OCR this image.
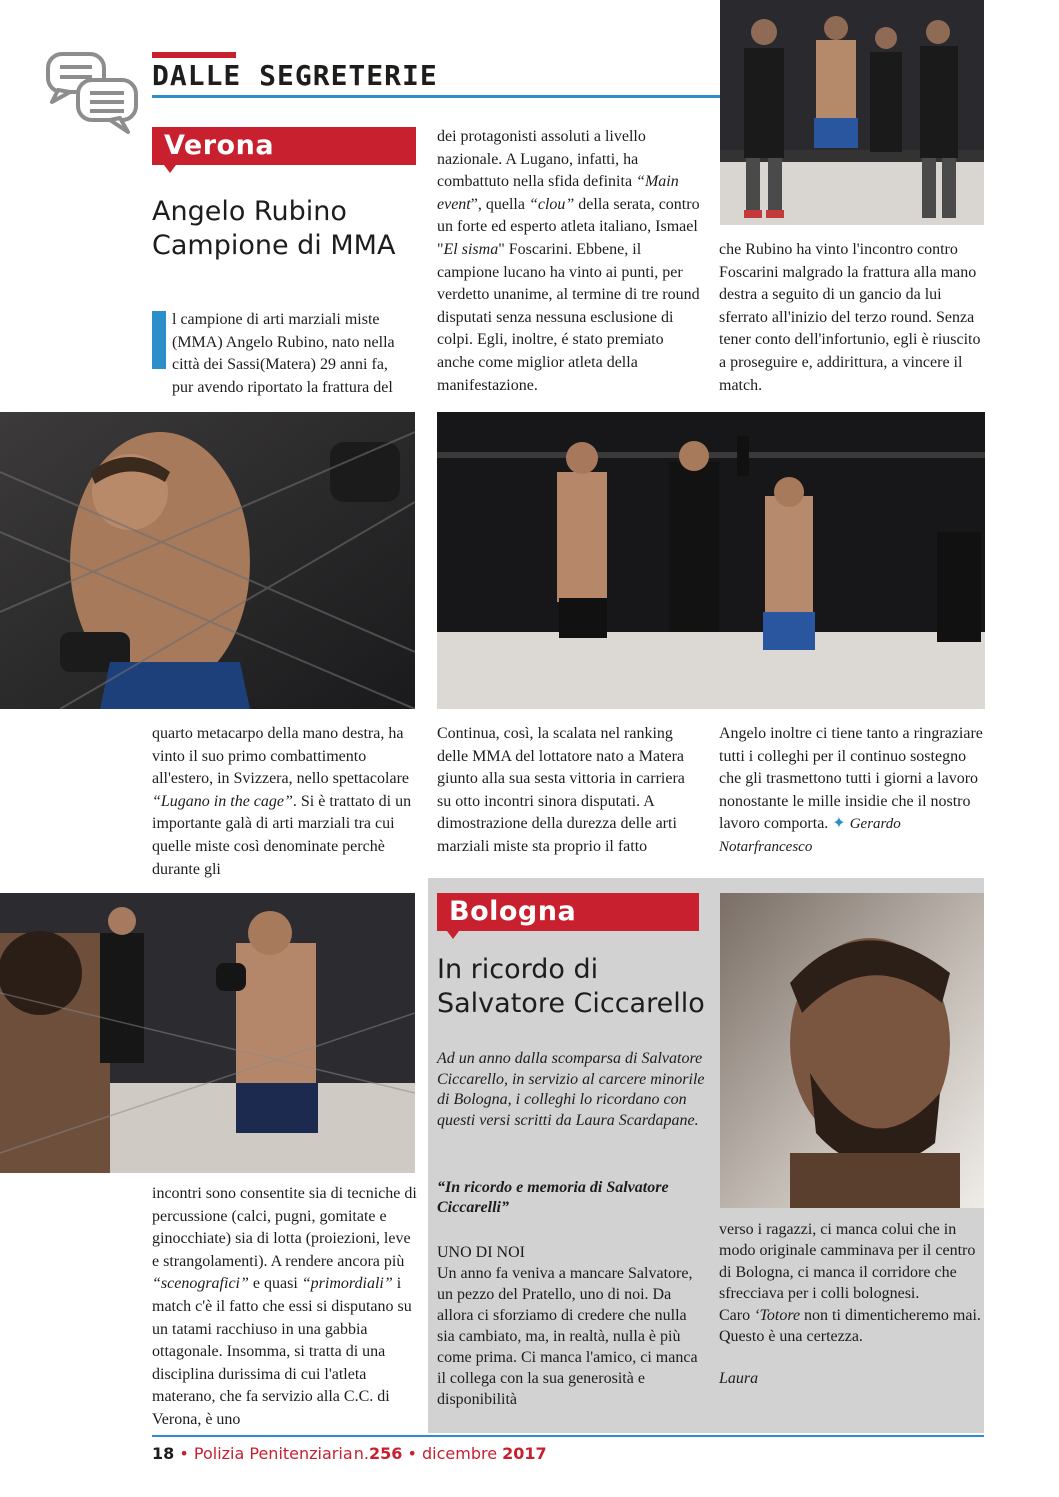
DALLE SEGRETERIE
Verona
Angelo Rubino
Campione di MMA
l campione di arti marziali miste (MMA) Angelo Rubino, nato nella città dei Sassi(Matera) 29 anni fa, pur avendo riportato la frattura del
dei protagonisti assoluti a livello nazionale. A Lugano, infatti, ha combattuto nella sfida definita “Main event”, quella “clou” della serata, contro un forte ed esperto atleta italiano, Ismael "El sisma" Foscarini. Ebbene, il campione lucano ha vinto ai punti, per verdetto unanime, al termine di tre round disputati senza nessuna esclusione di colpi. Egli, inoltre, é stato premiato anche come miglior atleta della manifestazione.
che Rubino ha vinto l'incontro contro Foscarini malgrado la frattura alla mano destra a seguito di un gancio da lui sferrato all'inizio del terzo round. Senza tener conto dell'infortunio, egli è riuscito a proseguire e, addirittura, a vincere il match.
quarto metacarpo della mano destra, ha vinto il suo primo combattimento all'estero, in Svizzera, nello spettacolare “Lugano in the cage”. Si è trattato di un importante galà di arti marziali tra cui quelle miste così denominate perchè durante gli
Continua, così, la scalata nel ranking delle MMA del lottatore nato a Matera giunto alla sua sesta vittoria in carriera su otto incontri sinora disputati. A dimostrazione della durezza delle arti marziali miste sta proprio il fatto
Angelo inoltre ci tiene tanto a ringraziare tutti i colleghi per il continuo sostegno che gli trasmettono tutti i giorni a lavoro nonostante le mille insidie che il nostro lavoro comporta. ✦ Gerardo Notarfrancesco
incontri sono consentite sia di tecniche di percussione (calci, pugni, gomitate e ginocchiate) sia di lotta (proiezioni, leve e strangolamenti). A rendere ancora più “scenografici” e quasi “primordiali” i match c'è il fatto che essi si disputano su un tatami racchiuso in una gabbia ottagonale. Insomma, si tratta di una disciplina durissima di cui l'atleta materano, che fa servizio alla C.C. di Verona, è uno
Bologna
In ricordo di
Salvatore Ciccarello
Ad un anno dalla scomparsa di Salvatore Ciccarello, in servizio al carcere minorile di Bologna, i colleghi lo ricordano con questi versi scritti da Laura Scardapane.
“In ricordo e memoria di Salvatore Ciccarelli”
UNO DI NOI
Un anno fa veniva a mancare Salvatore, un pezzo del Pratello, uno di noi. Da allora ci sforziamo di credere che nulla sia cambiato, ma, in realtà, nulla è più come prima. Ci manca l'amico, ci manca il collega con la sua generosità e disponibilità
verso i ragazzi, ci manca colui che in modo originale camminava per il centro di Bologna, ci manca il corridore che sfrecciava per i colli bolognesi.
Caro ‘Totore non ti dimenticheremo mai.
Questo è una certezza.
Laura
18 • Polizia Penitenziaria n.256 • dicembre 2017
